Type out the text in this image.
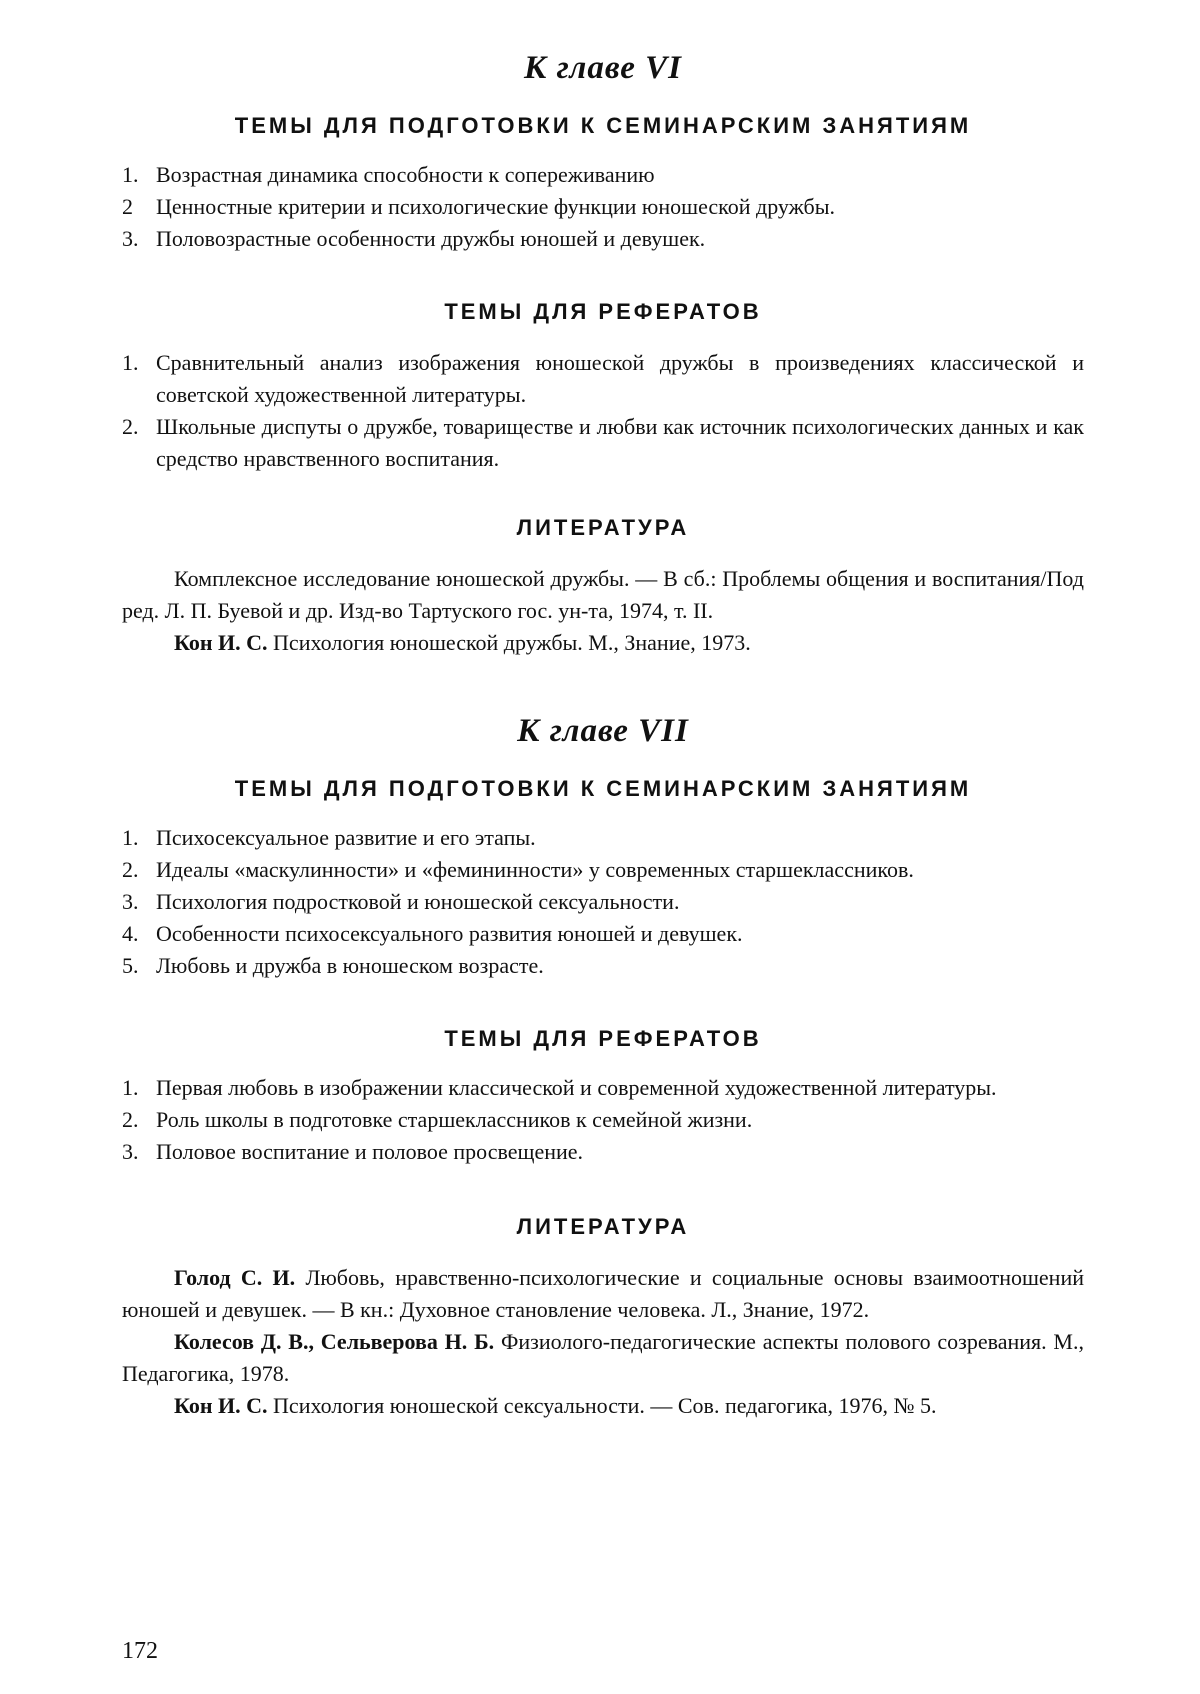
К главе VI
ТЕМЫ ДЛЯ ПОДГОТОВКИ К СЕМИНАРСКИМ ЗАНЯТИЯМ
1. Возрастная динамика способности к сопереживанию
2 Ценностные критерии и психологические функции юношеской дружбы.
3. Половозрастные особенности дружбы юношей и девушек.
ТЕМЫ ДЛЯ РЕФЕРАТОВ
1. Сравнительный анализ изображения юношеской дружбы в произведениях классической и советской художественной литературы.
2. Школьные диспуты о дружбе, товариществе и любви как источник психологических данных и как средство нравственного воспитания.
ЛИТЕРАТУРА

Комплексное исследование юношеской дружбы. — В сб.: Проблемы общения и воспитания/Под ред. Л. П. Буевой и др. Изд-во Тартуского гос. ун-та, 1974, т. II.

Кон И. С. Психология юношеской дружбы. М., Знание, 1973.

К главе VII
ТЕМЫ ДЛЯ ПОДГОТОВКИ К СЕМИНАРСКИМ ЗАНЯТИЯМ
1. Психосексуальное развитие и его этапы.
2. Идеалы «маскулинности» и «фемининности» у современных старшеклассников.
3. Психология подростковой и юношеской сексуальности.
4. Особенности психосексуального развития юношей и девушек.
5. Любовь и дружба в юношеском возрасте.
ТЕМЫ ДЛЯ РЕФЕРАТОВ
1. Первая любовь в изображении классической и современной художественной литературы.
2. Роль школы в подготовке старшеклассников к семейной жизни.
3. Половое воспитание и половое просвещение.
ЛИТЕРАТУРА

Голод С. И. Любовь, нравственно-психологические и социальные основы взаимоотношений юношей и девушек. — В кн.: Духовное становление человека. Л., Знание, 1972.

Колесов Д. В., Сельверова Н. Б. Физиолого-педагогические аспекты полового созревания. М., Педагогика, 1978.

Кон И. С. Психология юношеской сексуальности. — Сов. педагогика, 1976, № 5.

172
